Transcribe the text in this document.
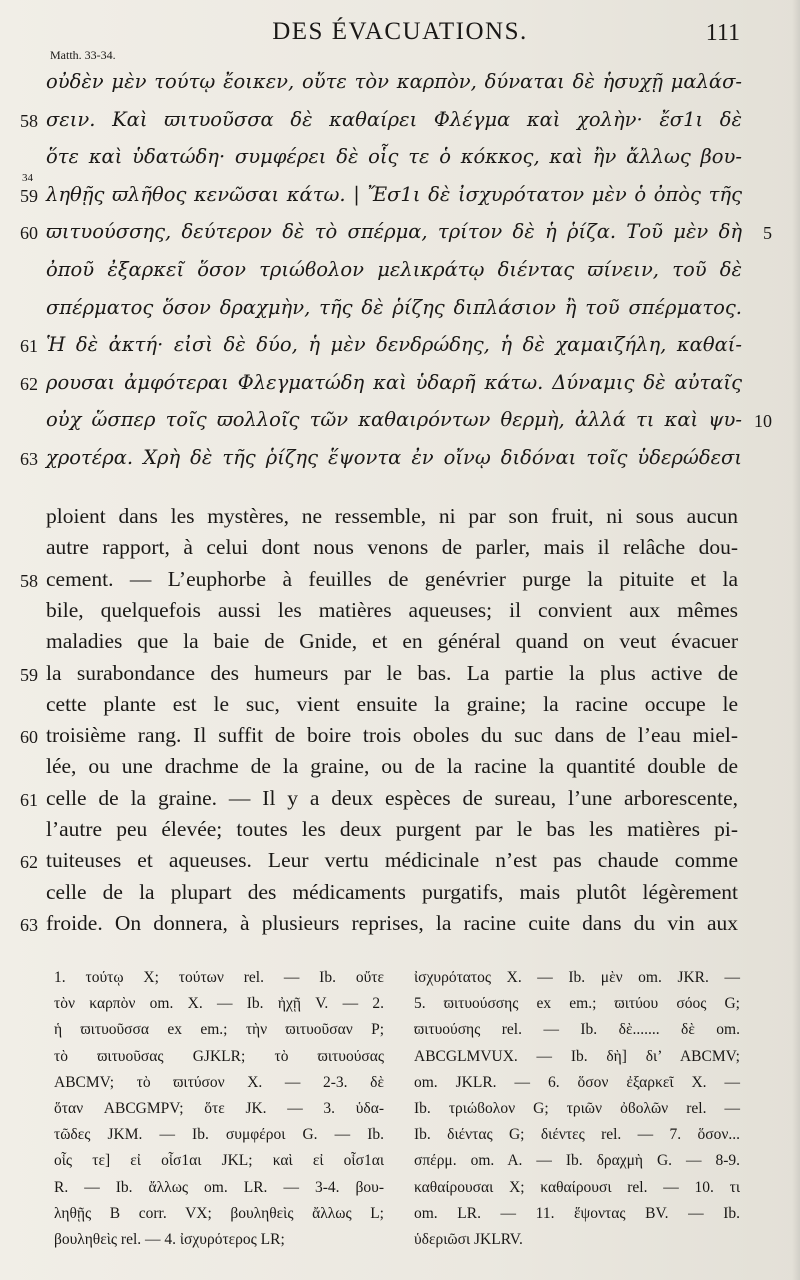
DES ÉVACUATIONS.	111
Matth. 33-34.
οὐδὲν μὲν τούτῳ ἔοικεν, οὔτε τὸν καρπὸν, δύναται δὲ ἡσυχῇ μαλάσ-
σειν. Καὶ ϖιτυοῦσσα δὲ καθαίρει Φλέγμα καὶ χολὴν· ἔσ1ι δὲ
58
ὅτε καὶ ὑδατώδη· συμφέρει δὲ οἷς τε ὁ κόκκος, καὶ ἢν ἄλλως βου-
ληθῇς ϖλῆθος κενῶσαι κάτω. | Ἔσ1ι δὲ ἰσχυρότατον μὲν ὁ ὀπὸς τῆς
59
34
ϖιτυούσσης, δεύτερον δὲ τὸ σπέρμα, τρίτον δὲ ἡ ῥίζα. Τοῦ μὲν δὴ
60	5
ὀποῦ ἐξαρκεῖ ὅσον τριώϐολον μελικράτῳ διέντας ϖίνειν, τοῦ δὲ
σπέρματος ὅσον δραχμὴν, τῆς δὲ ῥίζης διπλάσιον ἢ τοῦ σπέρματος.
Ἡ δὲ ἀκτή· εἰσὶ δὲ δύο, ἡ μὲν δενδρώδης, ἡ δὲ χαμαιζήλη, καθαί-
61
ρουσαι ἀμφότεραι Φλεγματώδη καὶ ὑδαρῆ κάτω. Δύναμις δὲ αὐταῖς
62
οὐχ ὥσπερ τοῖς ϖολλοῖς τῶν καθαιρόντων θερμὴ, ἀλλά τι καὶ ψυ- 10
χροτέρα. Χρὴ δὲ τῆς ῥίζης ἕψοντα ἐν οἴνῳ διδόναι τοῖς ὑδερώδεσι
63
ploient dans les mystères, ne ressemble, ni par son fruit, ni sous aucun
autre rapport, à celui dont nous venons de parler, mais il relâche dou-
cement. — L’euphorbe à feuilles de genévrier purge la pituite et la
58
bile, quelquefois aussi les matières aqueuses; il convient aux mêmes
maladies que la baie de Gnide, et en général quand on veut évacuer
la surabondance des humeurs par le bas. La partie la plus active de
59
cette plante est le suc, vient ensuite la graine; la racine occupe le
troisième rang. Il suffit de boire trois oboles du suc dans de l’eau miel-
60
lée, ou une drachme de la graine, ou de la racine la quantité double de
celle de la graine. — Il y a deux espèces de sureau, l’une arborescente,
61
l’autre peu élevée; toutes les deux purgent par le bas les matières pi-
tuiteuses et aqueuses. Leur vertu médicinale n’est pas chaude comme
62
celle de la plupart des médicaments purgatifs, mais plutôt légèrement
froide. On donnera, à plusieurs reprises, la racine cuite dans du vin aux
63
1. τούτῳ X; τούτων rel. — Ib. οὔτε
τὸν καρπὸν om. X. — Ib. ἠχῇ V. — 2.
ἡ ϖιτυοῦσσα ex em.; τὴν ϖιτυοῦσαν P;
τὸ ϖιτυοῦσας GJKLR; τὸ ϖιτυούσας
ABCMV; τὸ ϖιτύσον X. — 2-3. δὲ
ὅταν ABCGMPV; ὅτε JK. — 3. ὑδα-
τῶδες JKM. — Ib. συμφέροι G. — Ib.
οἷς τε] εἰ οἷσ1αι JKL; καὶ εἰ οἷσ1αι
R. — Ib. ἄλλως om. LR. — 3-4. βου-
ληθῇς B corr. VX; βουληθεὶς ἄλλως L;
βουληθεὶς rel. — 4. ἰσχυρότερος LR;
ἰσχυρότατος X. — Ib. μὲν om. JKR. —
5. ϖιτυούσσης ex em.; ϖιτύου σόος G;
ϖιτυούσης rel. — Ib. δὲ....... δὲ om.
ABCGLMVUX. — Ib. δὴ] δι’ ABCMV;
om. JKLR. — 6. ὅσον ἐξαρκεῖ X. —
Ib. τριώϐολον G; τριῶν ὀϐολῶν rel. —
Ib. διέντας G; διέντες rel. — 7. ὅσον...
σπέρμ. om. A. — Ib. δραχμὴ G. — 8-9.
καθαίρουσαι X; καθαίρουσι rel. — 10. τι
om. LR. — 11. ἕψοντας BV. — Ib.
ὑδεριῶσι JKLRV.
